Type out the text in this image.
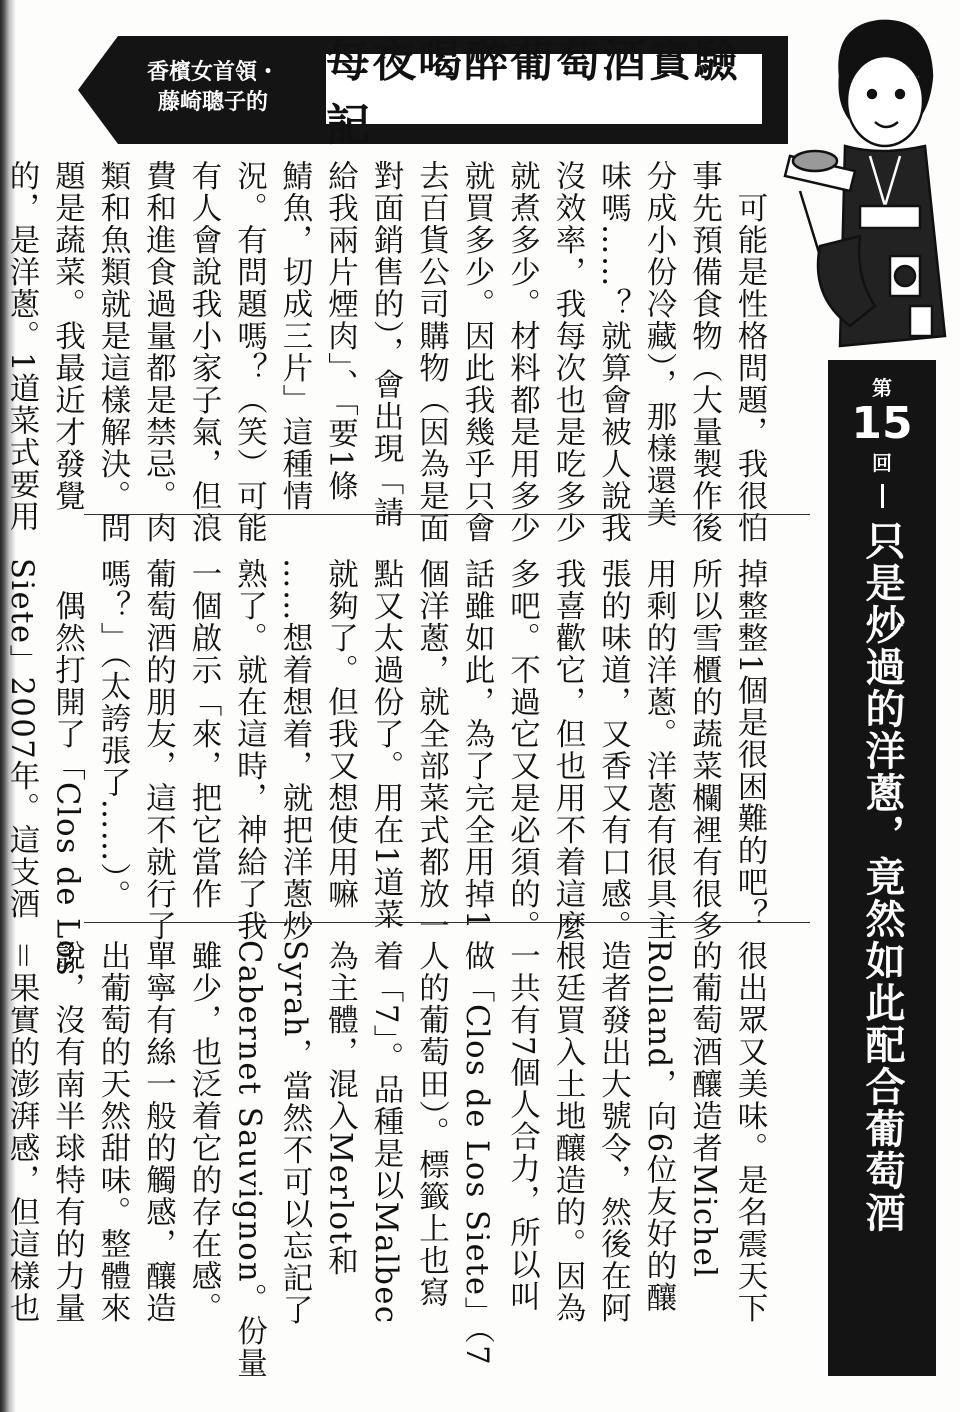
香檳女首領・
藤崎聰子的
每夜喝醉葡萄酒實驗記
第
15
回
只是炒過的洋蔥，竟然如此配合葡萄酒
　可能是性格問題，我很怕
事先預備食物（大量製作後
分成小份冷藏），那樣還美
味嗎……？就算會被人說我
沒效率，我每次也是吃多少
就煮多少。材料都是用多少
就買多少。因此我幾乎只會
去百貨公司購物（因為是面
對面銷售的），會出現「請
給我兩片煙肉」、「要1條
鯖魚，切成三片」這種情
況。有問題嗎？（笑）可能
有人會說我小家子氣，但浪
費和進食過量都是禁忌。肉
類和魚類就是這樣解決。問
題是蔬菜。我最近才發覺
的，是洋蔥。1道菜式要用
掉整整1個是很困難的吧？
所以雪櫃的蔬菜欄裡有很多
用剩的洋蔥。洋蔥有很具主
張的味道，又香又有口感。
我喜歡它，但也用不着這麼
多吧。不過它又是必須的。
話雖如此，為了完全用掉1
個洋蔥，就全部菜式都放一
點又太過份了。用在1道菜
就夠了。但我又想使用嘛
……想着想着，就把洋蔥炒
熟了。就在這時，神給了我
一個啟示「來，把它當作
葡萄酒的朋友，這不就行了
嗎？」（太誇張了……）。
　偶然打開了「Clos de Los
Siete」2007年。這支酒
很出眾又美味。是名震天下
的葡萄酒釀造者Michel
Rolland，向6位友好的釀
造者發出大號令，然後在阿
根廷買入土地釀造的。因為
一共有7個人合力，所以叫
做「Clos de Los Siete」（7
人的葡萄田）。標籤上也寫
着「7」。品種是以Malbec
為主體，混入Merlot和
Syrah，當然不可以忘記了
Cabernet Sauvignon。份量
雖少，也泛着它的存在感。
單寧有絲一般的觸感，釀造
出葡萄的天然甜味。整體來
說，沒有南半球特有的力量
＝果實的澎湃感，但這樣也
